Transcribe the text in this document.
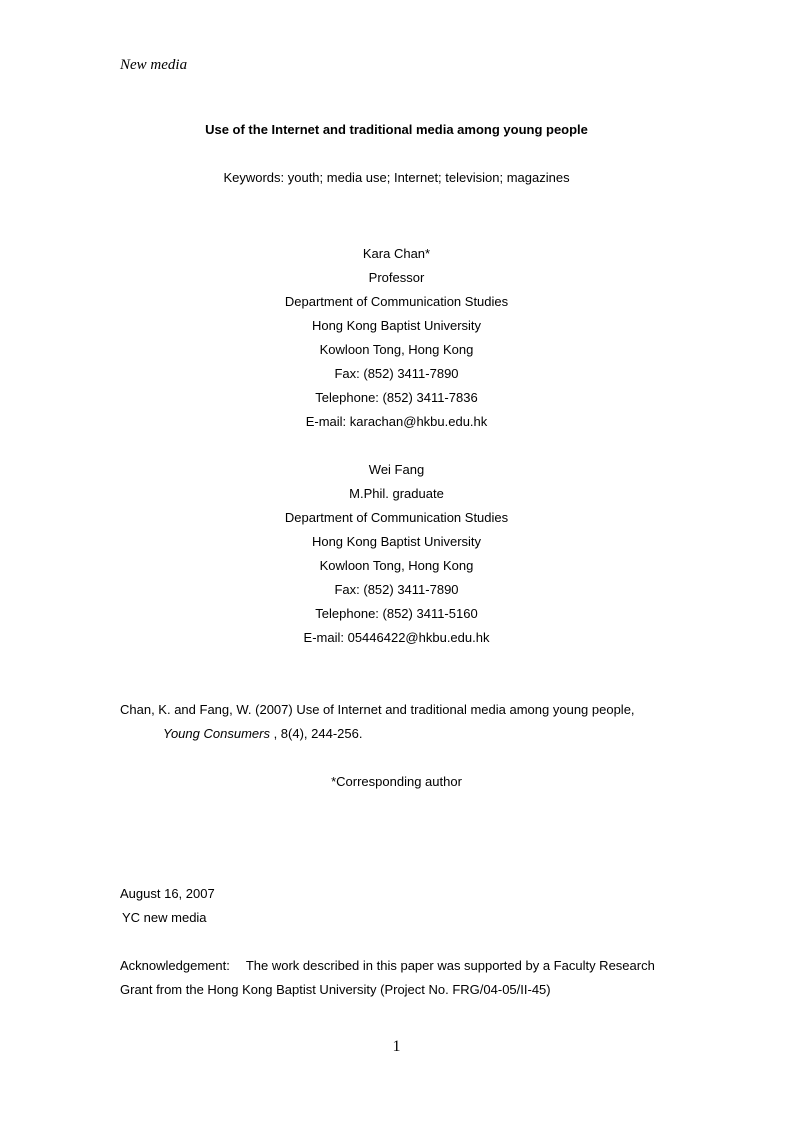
New media
Use of the Internet and traditional media among young people
Keywords: youth; media use; Internet; television; magazines
Kara Chan*
Professor
Department of Communication Studies
Hong Kong Baptist University
Kowloon Tong, Hong Kong
Fax: (852) 3411-7890
Telephone: (852) 3411-7836
E-mail: karachan@hkbu.edu.hk
Wei Fang
M.Phil. graduate
Department of Communication Studies
Hong Kong Baptist University
Kowloon Tong, Hong Kong
Fax: (852) 3411-7890
Telephone: (852) 3411-5160
E-mail: 05446422@hkbu.edu.hk
Chan, K. and Fang, W. (2007) Use of Internet and traditional media among young people,
Young Consumers , 8(4), 244-256.
*Corresponding author
August 16, 2007
YC new media
Acknowledgement: The work described in this paper was supported by a Faculty Research
Grant from the Hong Kong Baptist University (Project No. FRG/04-05/II-45)
1
